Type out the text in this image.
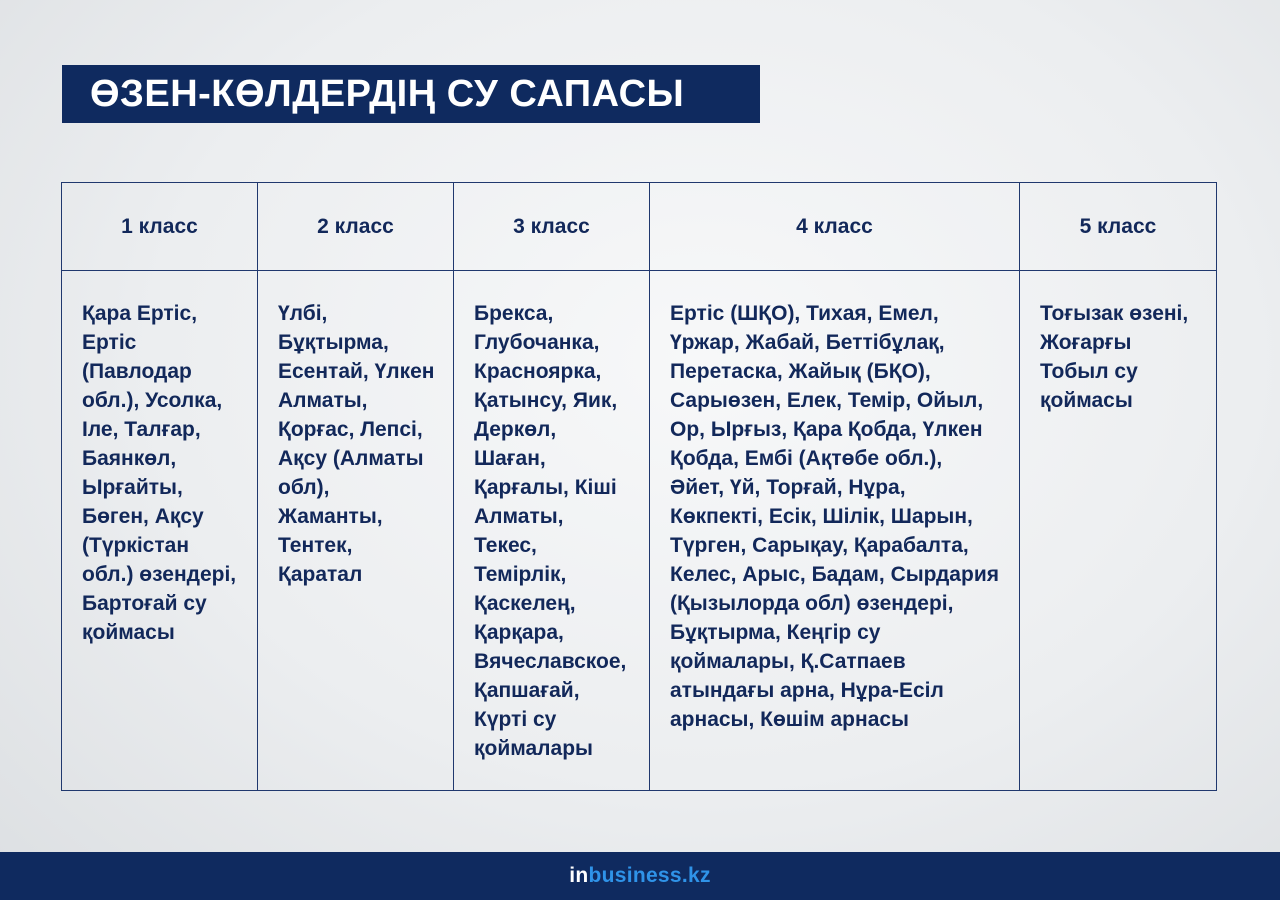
ӨЗЕН-КӨЛДЕРДІҢ СУ САПАСЫ
1 класс	2 класс	3 класс	4 класс	5 класс
Қара Ертіс, Ертіс (Павлодар обл.), Усолка, Іле, Талғар, Баянкөл, Ырғайты, Бөген, Ақсу (Түркістан обл.) өзендері, Бартоғай су қоймасы	Үлбі, Бұқтырма, Есентай, Үлкен Алматы, Қорғас, Лепсі, Ақсу (Алматы обл), Жаманты, Тентек, Қаратал	Брекса, Глубочанка, Красноярка, Қатынсу, Яик, Деркөл, Шаған, Қарғалы, Кіші Алматы, Текес, Темірлік, Қаскелең, Қарқара, Вячеславское, Қапшағай, Күрті су қоймалары	Ертіс (ШҚО), Тихая, Емел, Үржар, Жабай, Беттібұлақ, Перетаска, Жайық (БҚО), Сарыөзен, Елек, Темір, Ойыл, Ор, Ырғыз, Қара Қобда, Үлкен Қобда, Ембі (Ақтөбе обл.), Әйет, Үй, Торғай, Нұра, Көкпекті, Есік, Шілік, Шарын, Түрген, Сарықау, Қарабалта, Келес, Арыс, Бадам, Сырдария (Қызылорда обл) өзендері, Бұқтырма, Кеңгір су қоймалары, Қ.Сатпаев атындағы арна, Нұра-Есіл арнасы, Көшім арнасы	Тоғызак өзені, Жоғарғы Тобыл су қоймасы
inbusiness.kz
